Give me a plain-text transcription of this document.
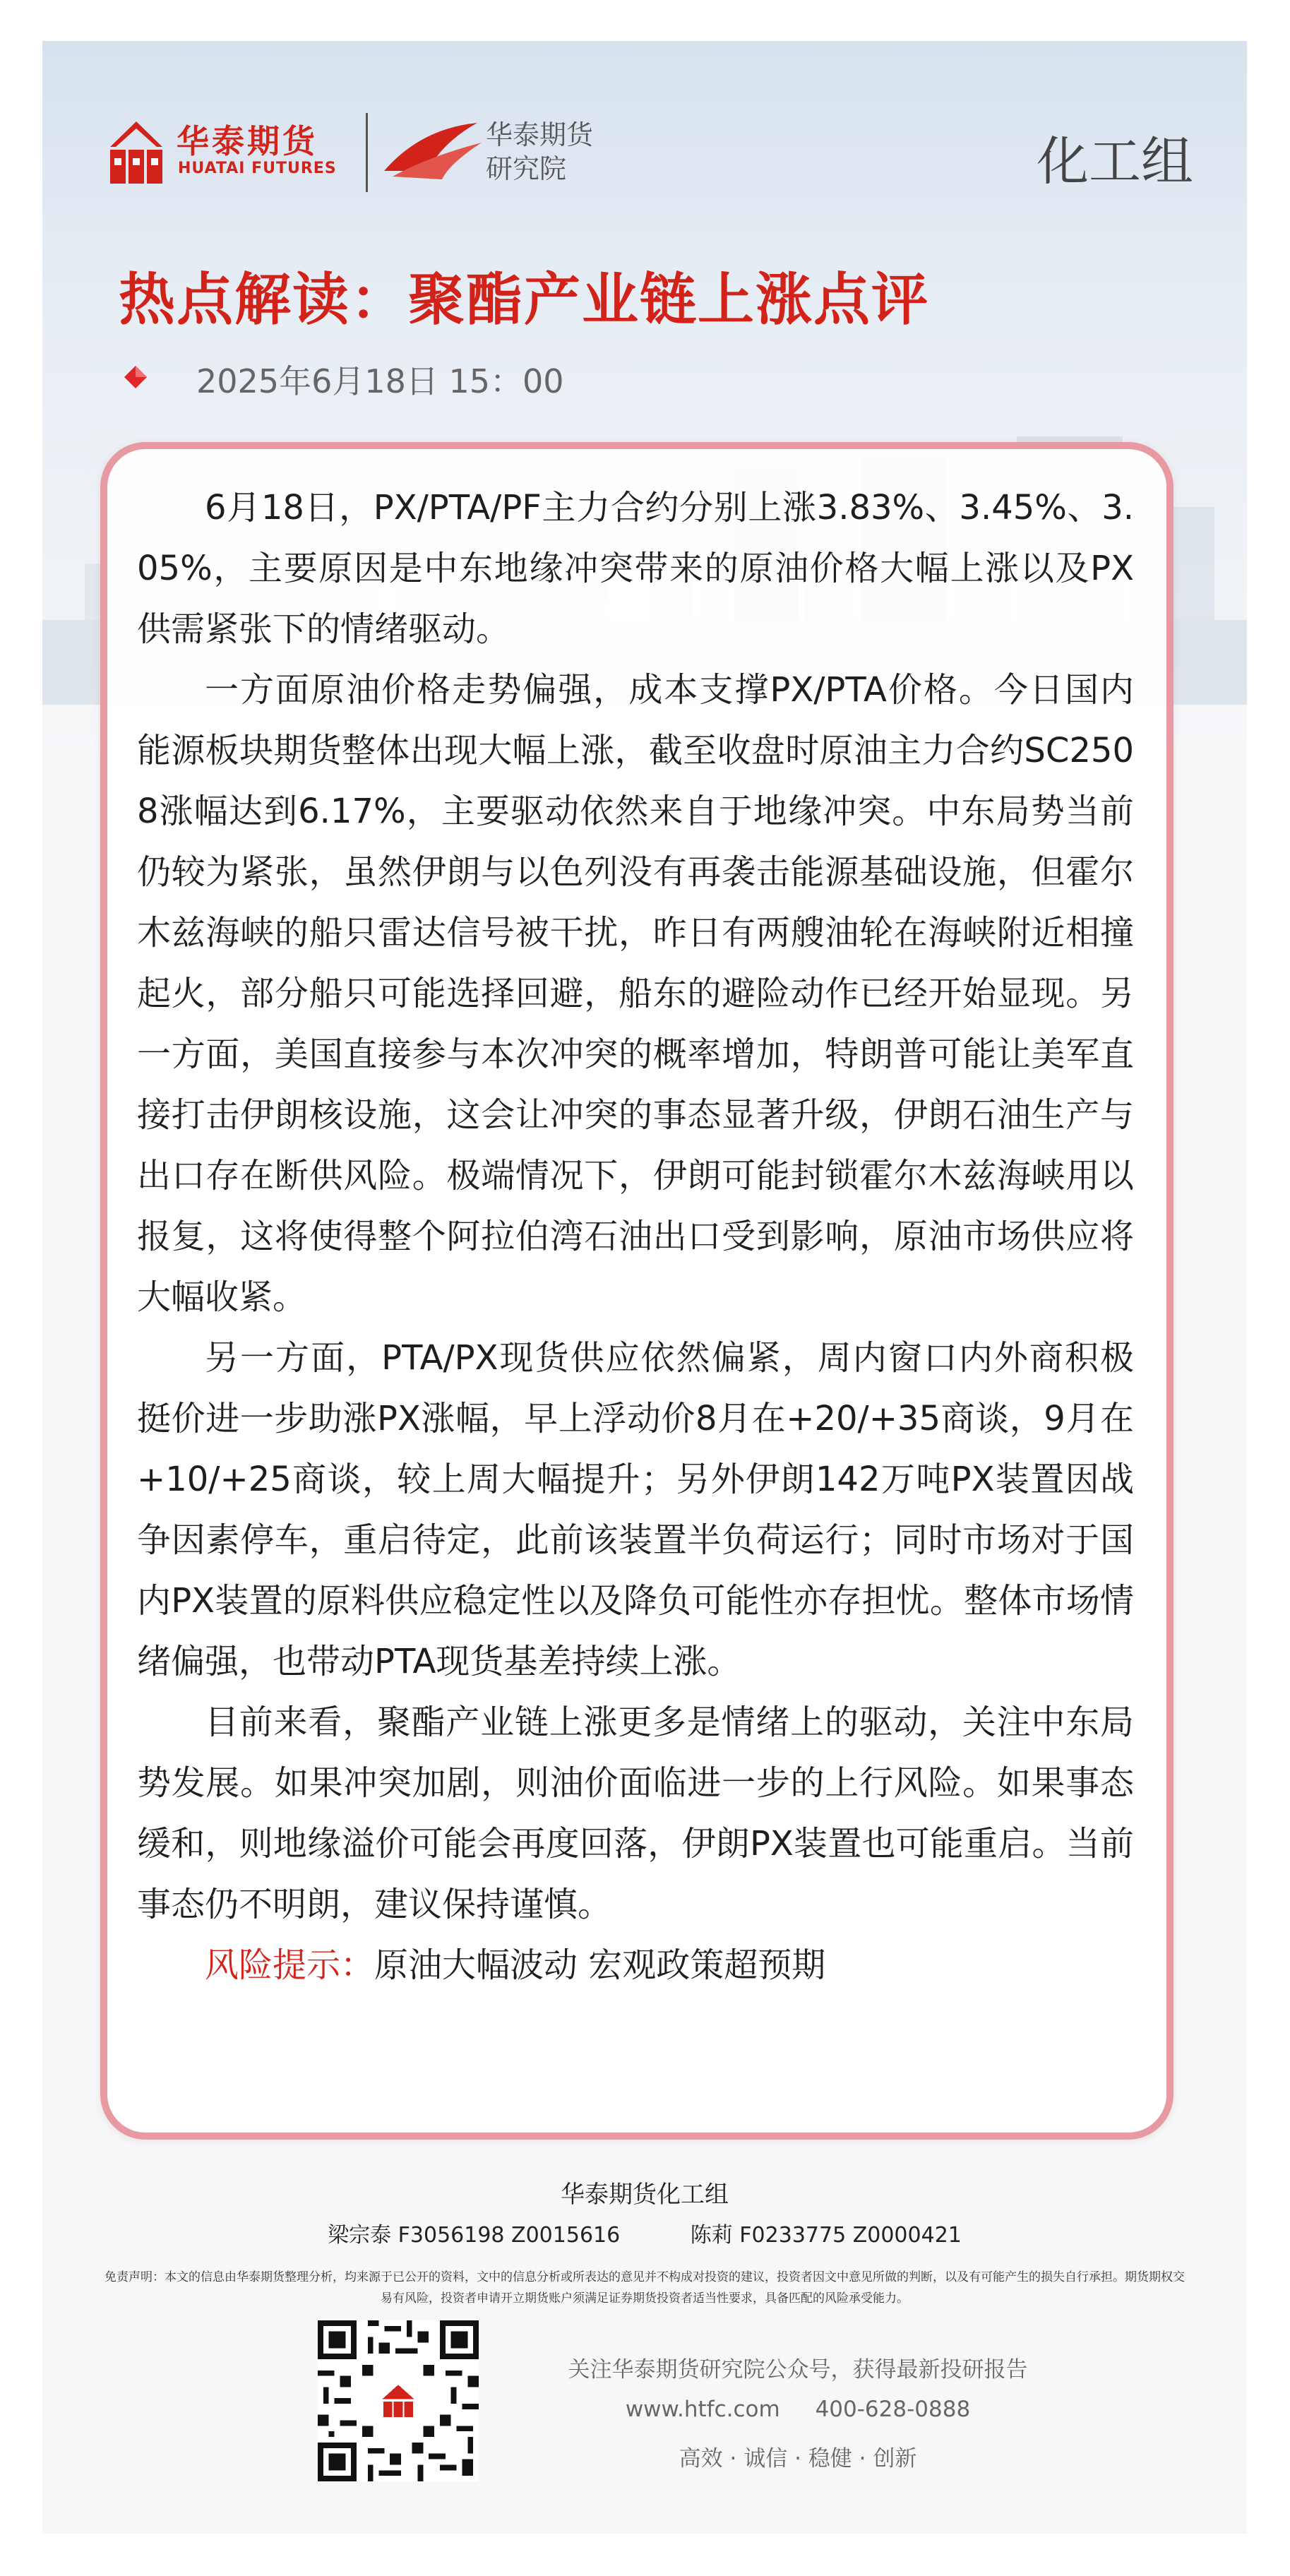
华泰期货
HUATAI FUTURES
华泰期货
研究院	化工组
热点解读：聚酯产业链上涨点评
2025年6月18日 15：00

6月18日，PX/PTA/PF主力合约分别上涨3.83%、3.45%、3.05%，主要原因是中东地缘冲突带来的原油价格大幅上涨以及PX供需紧张下的情绪驱动。

一方面原油价格走势偏强，成本支撑PX/PTA价格。今日国内能源板块期货整体出现大幅上涨，截至收盘时原油主力合约SC2508涨幅达到6.17%，主要驱动依然来自于地缘冲突。中东局势当前仍较为紧张，虽然伊朗与以色列没有再袭击能源基础设施，但霍尔木兹海峡的船只雷达信号被干扰，昨日有两艘油轮在海峡附近相撞起火，部分船只可能选择回避，船东的避险动作已经开始显现。另一方面，美国直接参与本次冲突的概率增加，特朗普可能让美军直接打击伊朗核设施，这会让冲突的事态显著升级，伊朗石油生产与出口存在断供风险。极端情况下，伊朗可能封锁霍尔木兹海峡用以报复，这将使得整个阿拉伯湾石油出口受到影响，原油市场供应将大幅收紧。

另一方面，PTA/PX现货供应依然偏紧，周内窗口内外商积极挺价进一步助涨PX涨幅，早上浮动价8月在+20/+35商谈，9月在+10/+25商谈，较上周大幅提升；另外伊朗142万吨PX装置因战争因素停车，重启待定，此前该装置半负荷运行；同时市场对于国内PX装置的原料供应稳定性以及降负可能性亦存担忧。整体市场情绪偏强，也带动PTA现货基差持续上涨。

目前来看，聚酯产业链上涨更多是情绪上的驱动，关注中东局势发展。如果冲突加剧，则油价面临进一步的上行风险。如果事态缓和，则地缘溢价可能会再度回落，伊朗PX装置也可能重启。当前事态仍不明朗，建议保持谨慎。

风险提示：原油大幅波动 宏观政策超预期

华泰期货化工组
梁宗泰 F3056198 Z0015616	陈莉 F0233775 Z0000421
免责声明：本文的信息由华泰期货整理分析，均来源于已公开的资料，文中的信息分析或所表达的意见并不构成对投资的建议，投资者因文中意见所做的判断，以及有可能产生的损失自行承担。期货期权交易有风险，投资者申请开立期货账户须满足证券期货投资者适当性要求，具备匹配的风险承受能力。
关注华泰期货研究院公众号，获得最新投研报告
www.htfc.com 400-628-0888
高效 · 诚信 · 稳健 · 创新
